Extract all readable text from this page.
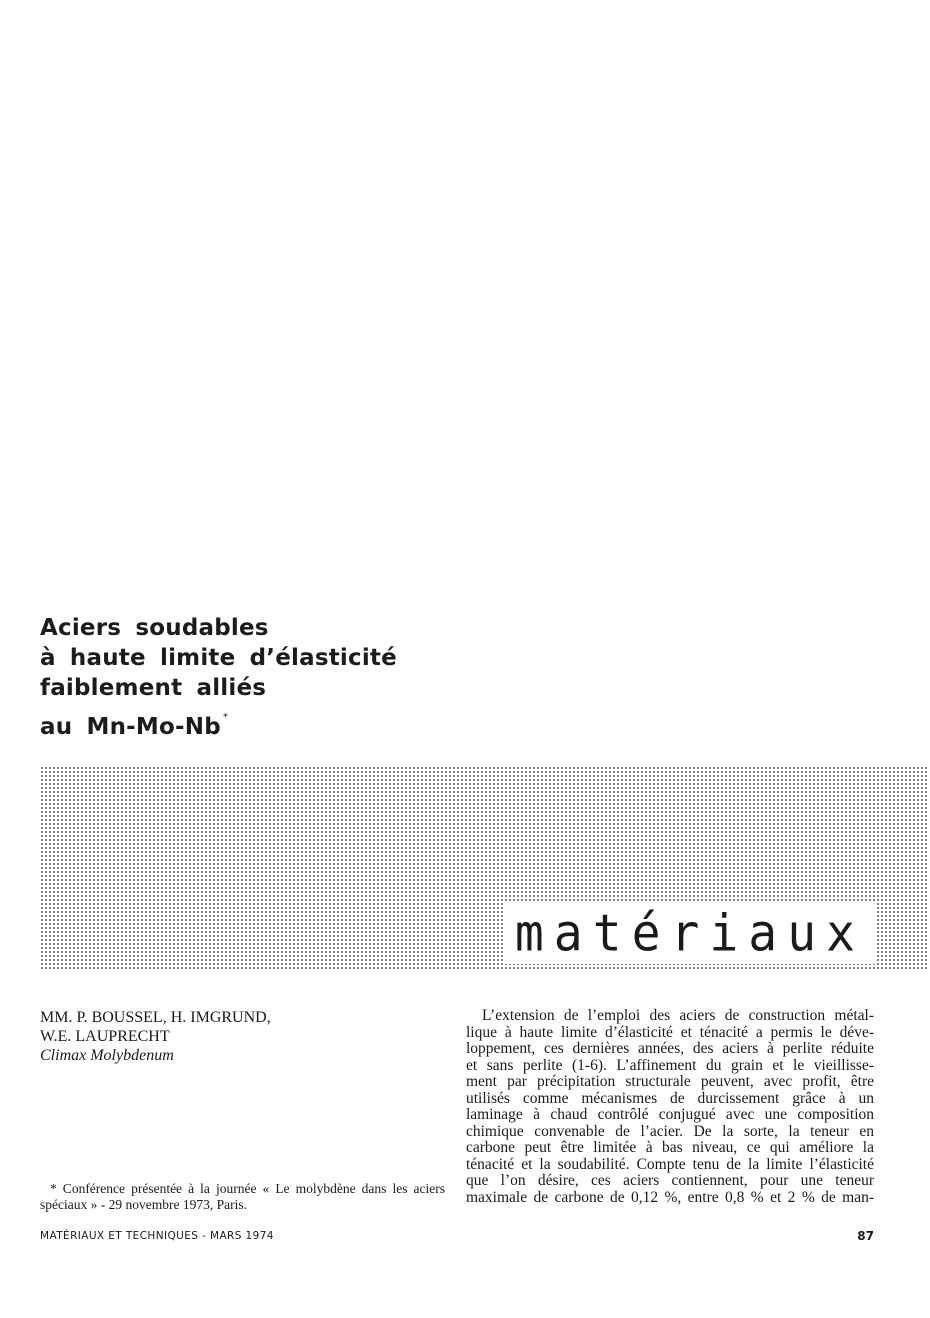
Aciers soudables
à haute limite d’élasticité
faiblement alliés
au Mn-Mo-Nb *
matériaux
MM. P. BOUSSEL, H. IMGRUND,
W.E. LAUPRECHT
Climax Molybdenum
* Conférence présentée à la journée « Le molybdène dans les aciers spéciaux » - 29 novembre 1973, Paris.
L’extension de l’emploi des aciers de construction métal-
lique à haute limite d’élasticité et ténacité a permis le déve-
loppement, ces dernières années, des aciers à perlite réduite
et sans perlite (1-6). L’affinement du grain et le vieillisse-
ment par précipitation structurale peuvent, avec profit, être
utilisés comme mécanismes de durcissement grâce à un
laminage à chaud contrôlé conjugué avec une composition
chimique convenable de l’acier. De la sorte, la teneur en
carbone peut être limitée à bas niveau, ce qui améliore la
ténacité et la soudabilité. Compte tenu de la limite l’élasticité
que l’on désire, ces aciers contiennent, pour une teneur
maximale de carbone de 0,12 %, entre 0,8 % et 2 % de man-
MATÉRIAUX ET TECHNIQUES - MARS 1974	87
